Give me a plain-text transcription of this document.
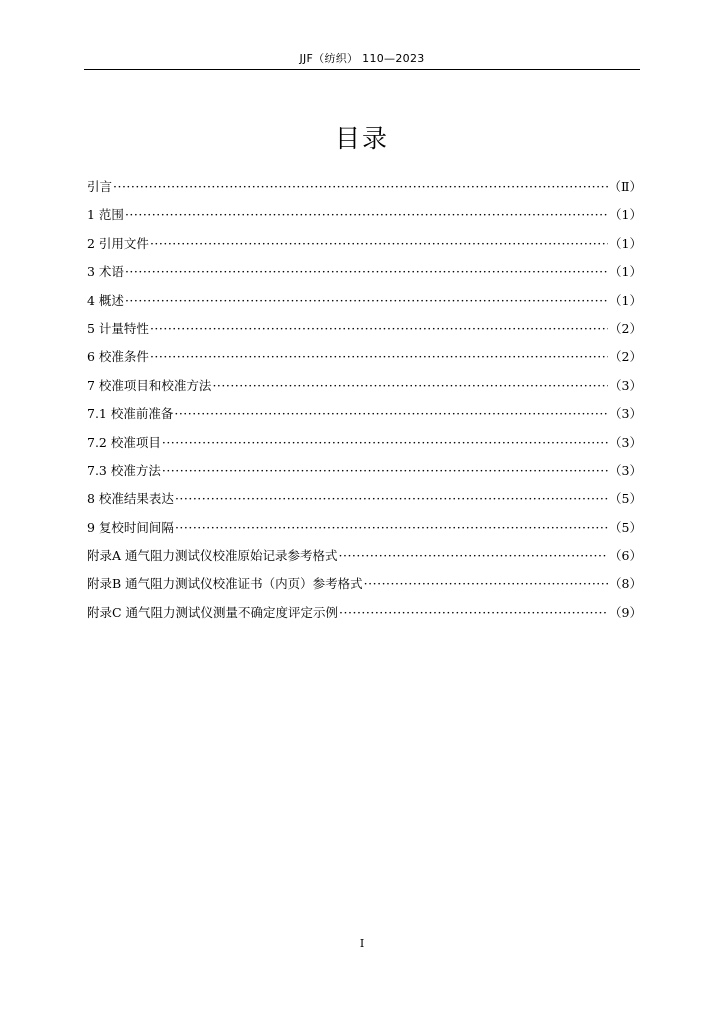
JJF（纺织） 110—2023
目录
引言 ·····	（Ⅱ）
1 范围 ·····	（1）
2 引用文件 ·····	（1）
3 术语 ·····	（1）
4 概述 ·····	（1）
5 计量特性 ·····	（2）
6 校准条件 ·····	（2）
7 校准项目和校准方法 ·····	（3）
7.1 校准前准备 ·····	（3）
7.2 校准项目 ·····	（3）
7.3 校准方法 ·····	（3）
8 校准结果表达 ·····	（5）
9 复校时间间隔 ·····	（5）
附录A 通气阻力测试仪校准原始记录参考格式 ·····	（6）
附录B 通气阻力测试仪校准证书（内页）参考格式 ·····	（8）
附录C 通气阻力测试仪测量不确定度评定示例 ·····	（9）
I
